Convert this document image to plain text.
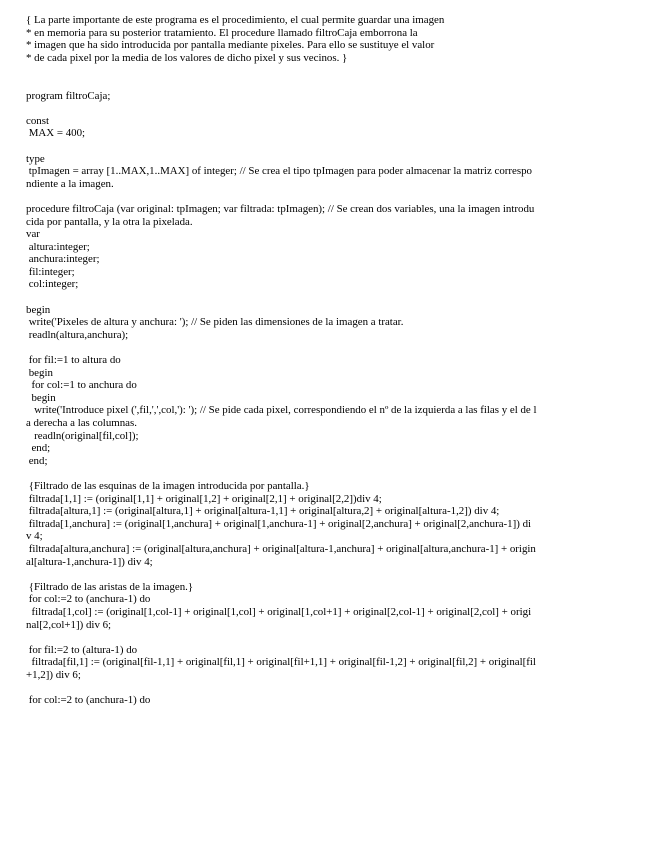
{ La parte importante de este programa es el procedimiento, el cual permite guardar una imagen
* en memoria para su posterior tratamiento. El procedure llamado filtroCaja emborrona la
* imagen que ha sido introducida por pantalla mediante pixeles. Para ello se sustituye el valor
* de cada pixel por la media de los valores de dicho pixel y sus vecinos. }
program filtroCaja;
const
MAX = 400;
type
tpImagen = array [1..MAX,1..MAX] of integer; // Se crea el tipo tpImagen para poder almacenar la matriz correspo
ndiente a la imagen.
procedure filtroCaja (var original: tpImagen; var filtrada: tpImagen); // Se crean dos variables, una la imagen introdu
cida por pantalla, y la otra la pixelada.
var
altura:integer;
anchura:integer;
fil:integer;
col:integer;
begin
write('Pixeles de altura y anchura: '); // Se piden las dimensiones de la imagen a tratar.
readln(altura,anchura);
for fil:=1 to altura do
begin
for col:=1 to anchura do
begin
write('Introduce pixel (',fil,',',col,'): '); // Se pide cada pixel, correspondiendo el nº de la izquierda a las filas y el de l
a derecha a las columnas.
readln(original[fil,col]);
end;
end;
{Filtrado de las esquinas de la imagen introducida por pantalla.}
filtrada[1,1] := (original[1,1] + original[1,2] + original[2,1] + original[2,2])div 4;
filtrada[altura,1] := (original[altura,1] + original[altura-1,1] + original[altura,2] + original[altura-1,2]) div 4;
filtrada[1,anchura] := (original[1,anchura] + original[1,anchura-1] + original[2,anchura] + original[2,anchura-1]) di
v 4;
filtrada[altura,anchura] := (original[altura,anchura] + original[altura-1,anchura] + original[altura,anchura-1] + origin
al[altura-1,anchura-1]) div 4;
{Filtrado de las aristas de la imagen.}
for col:=2 to (anchura-1) do
filtrada[1,col] := (original[1,col-1] + original[1,col] + original[1,col+1] + original[2,col-1] + original[2,col] + origi
nal[2,col+1]) div 6;
for fil:=2 to (altura-1) do
filtrada[fil,1] := (original[fil-1,1] + original[fil,1] + original[fil+1,1] + original[fil-1,2] + original[fil,2] + original[fil
+1,2]) div 6;
for col:=2 to (anchura-1) do
